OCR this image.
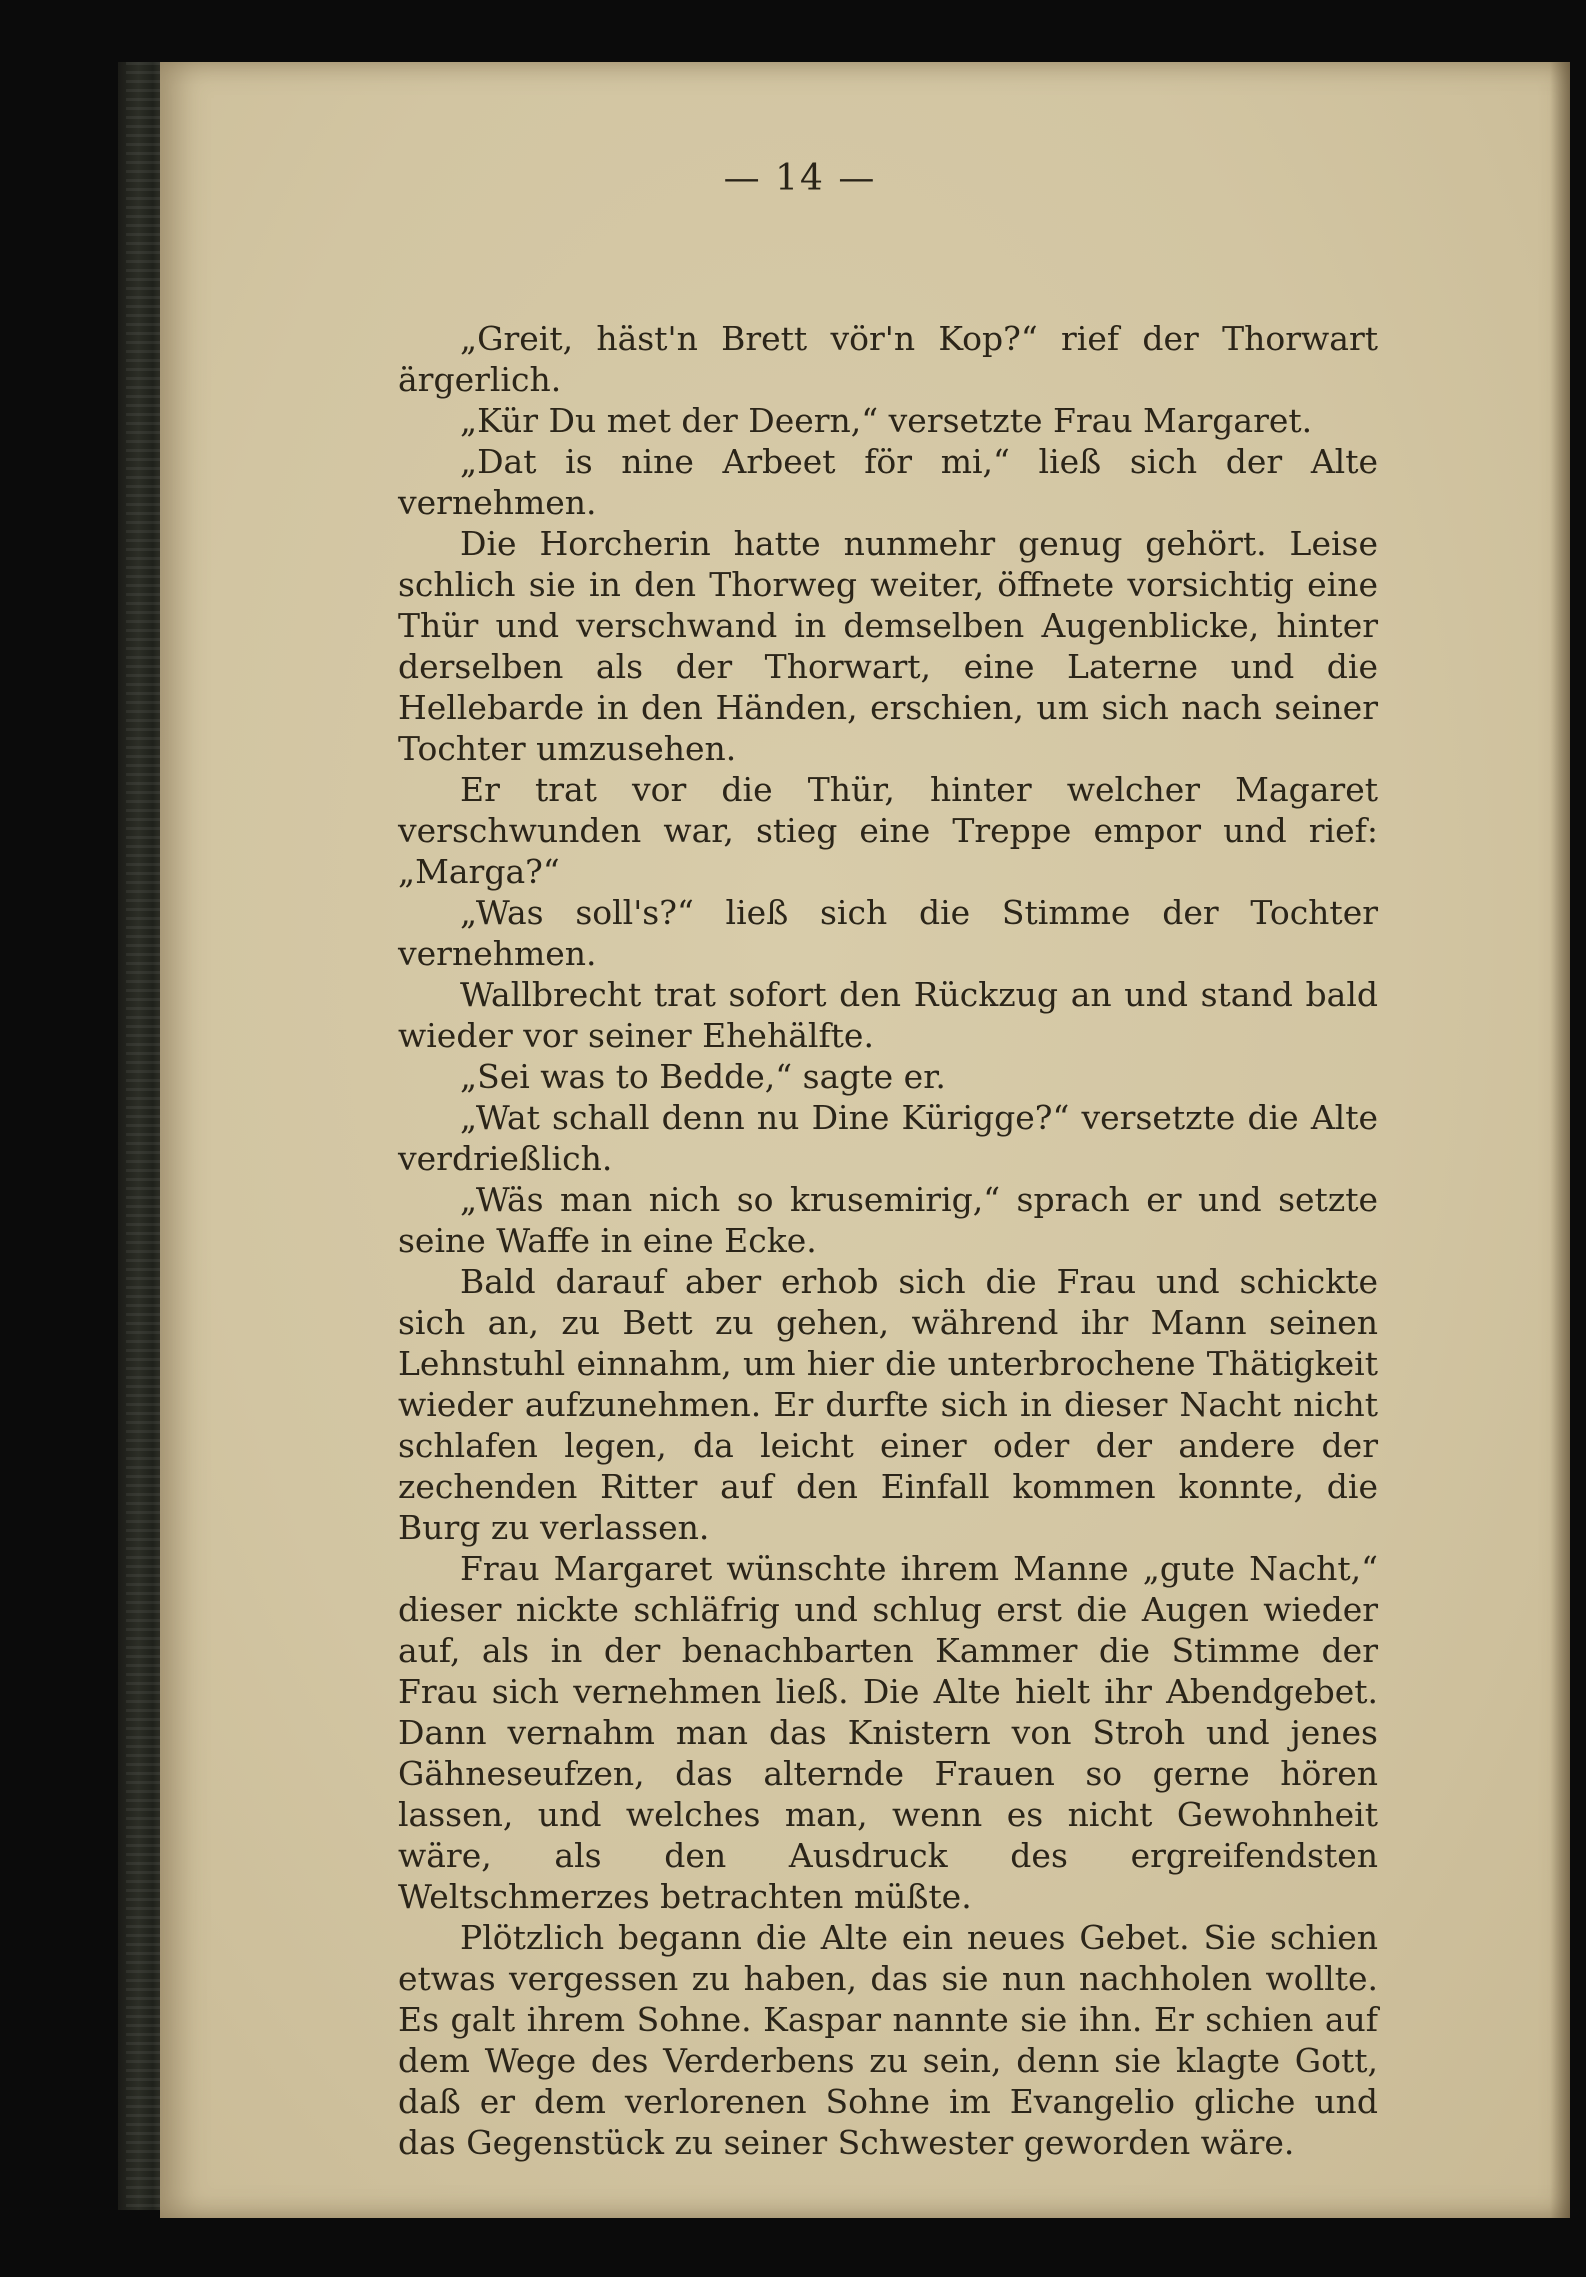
— 14 —

„Greit, häst'n Brett vör'n Kop?“ rief der Thorwart ärgerlich.

„Kür Du met der Deern,“ versetzte Frau Margaret.

„Dat is nine Arbeet för mi,“ ließ sich der Alte vernehmen.

Die Horcherin hatte nunmehr genug gehört. Leise schlich sie in den Thorweg weiter, öffnete vorsichtig eine Thür und verschwand in demselben Augenblicke, hinter derselben als der Thorwart, eine Laterne und die Hellebarde in den Händen, erschien, um sich nach seiner Tochter umzusehen.

Er trat vor die Thür, hinter welcher Magaret verschwunden war, stieg eine Treppe empor und rief: „Marga?“

„Was soll's?“ ließ sich die Stimme der Tochter vernehmen.

Wallbrecht trat sofort den Rückzug an und stand bald wieder vor seiner Ehehälfte.

„Sei was to Bedde,“ sagte er.

„Wat schall denn nu Dine Kürigge?“ versetzte die Alte verdrießlich.

„Wäs man nich so krusemirig,“ sprach er und setzte seine Waffe in eine Ecke.

Bald darauf aber erhob sich die Frau und schickte sich an, zu Bett zu gehen, während ihr Mann seinen Lehnstuhl einnahm, um hier die unterbrochene Thätigkeit wieder aufzunehmen. Er durfte sich in dieser Nacht nicht schlafen legen, da leicht einer oder der andere der zechenden Ritter auf den Einfall kommen konnte, die Burg zu verlassen.

Frau Margaret wünschte ihrem Manne „gute Nacht,“ dieser nickte schläfrig und schlug erst die Augen wieder auf, als in der benachbarten Kammer die Stimme der Frau sich vernehmen ließ. Die Alte hielt ihr Abendgebet. Dann vernahm man das Knistern von Stroh und jenes Gähneseufzen, das alternde Frauen so gerne hören lassen, und welches man, wenn es nicht Gewohnheit wäre, als den Ausdruck des ergreifendsten Weltschmerzes betrachten müßte.

Plötzlich begann die Alte ein neues Gebet. Sie schien etwas vergessen zu haben, das sie nun nachholen wollte. Es galt ihrem Sohne. Kaspar nannte sie ihn. Er schien auf dem Wege des Verderbens zu sein, denn sie klagte Gott, daß er dem verlorenen Sohne im Evangelio gliche und das Gegenstück zu seiner Schwester geworden wäre.
